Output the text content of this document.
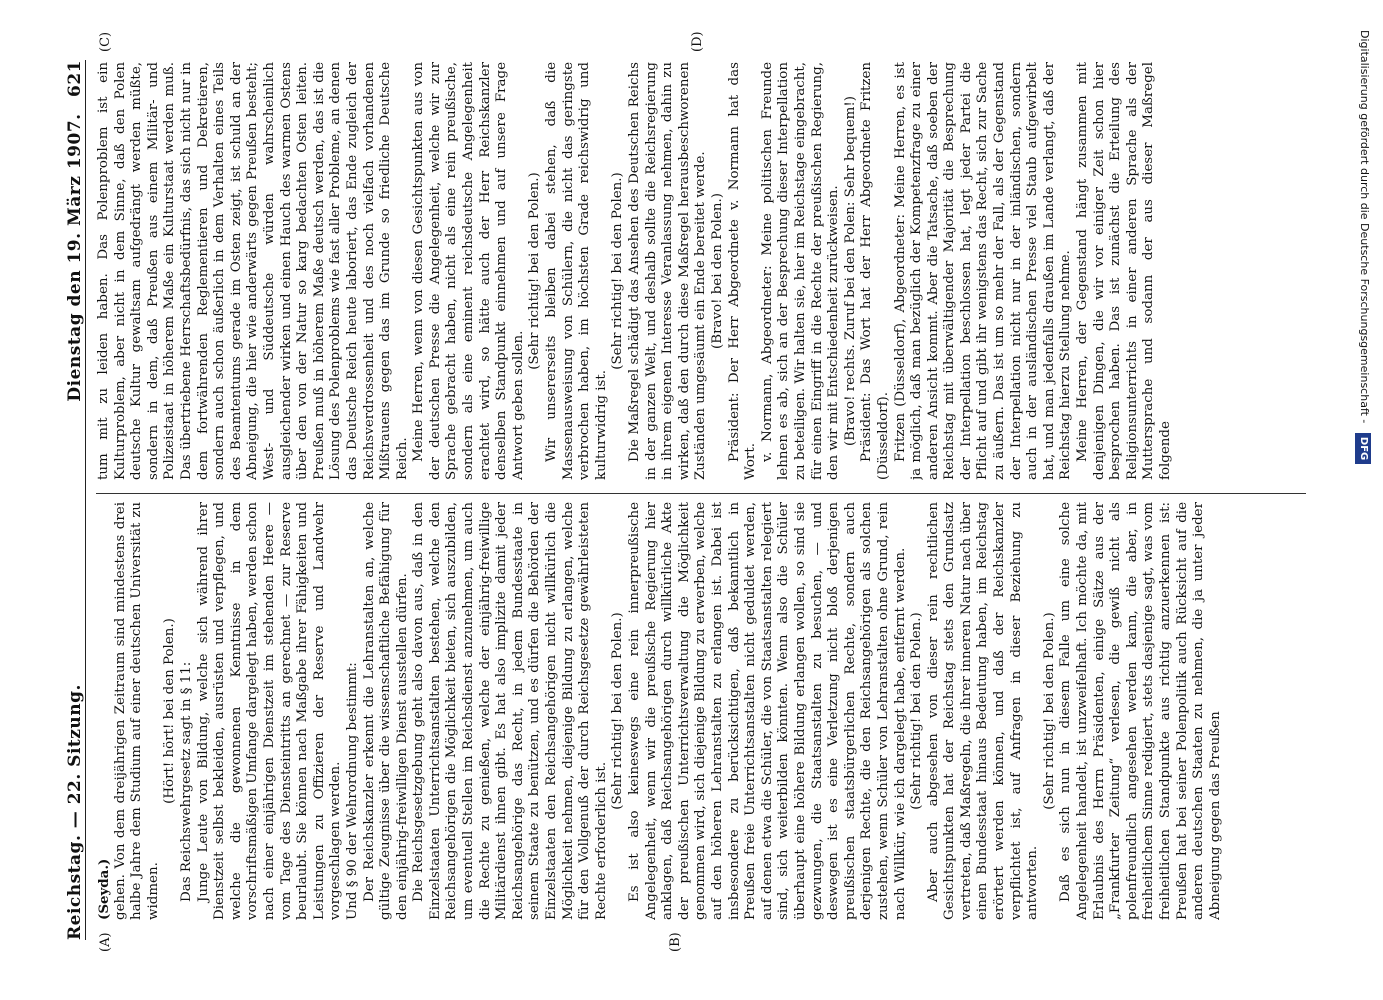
Reichstag. — 22. Sitzung.
Dienstag den 19. März 1907. 621
(A)	(B)
(C)	(D)

(Seyda.) gehen. Von dem dreijährigen Zeitraum sind mindestens drei halbe Jahre dem Studium auf einer deutschen Universität zu widmen.

(Hört! hört! bei den Polen.) Das Reichswehrgesetz sagt in § 11: Junge Leute von Bildung, welche sich während ihrer Dienstzeit selbst bekleiden, ausrüsten und verpflegen, und welche die gewonnenen Kenntnisse in dem vorschriftsmäßigen Umfange dargelegt haben, werden schon nach einer einjährigen Dienstzeit im stehenden Heere — vom Tage des Diensteintritts an gerechnet — zur Reserve beurlaubt. Sie können nach Maßgabe ihrer Fähigkeiten und Leistungen zu Offizieren der Reserve und Landwehr vorgeschlagen werden. Und § 90 der Wehrordnung bestimmt: Der Reichskanzler erkennt die Lehranstalten an, welche gültige Zeugnisse über die wissenschaftliche Befähigung für den einjährig-freiwilligen Dienst ausstellen dürfen. Die Reichsgesetzgebung geht also davon aus, daß in den Einzelstaaten Unterrichtsanstalten bestehen, welche den Reichsangehörigen die Möglichkeit bieten, sich auszubilden, um eventuell Stellen im Reichsdienst anzunehmen, um auch die Rechte zu genießen, welche der einjährig-freiwillige Militärdienst ihnen gibt. Es hat also implizite damit jeder Reichsangehörige das Recht, in jedem Bundesstaate in seinem Staate zu benützen, und es dürfen die Behörden der Einzelstaaten den Reichsangehörigen nicht willkürlich die Möglichkeit nehmen, diejenige Bildung zu erlangen, welche für den Vollgenuß der durch Reichsgesetze gewährleisteten Rechte erforderlich ist.

(Sehr richtig! bei den Polen.) Es ist also keineswegs eine rein innerpreußische Angelegenheit, wenn wir die preußische Regierung hier anklagen, daß Reichsangehörigen durch willkürliche Akte der preußischen Unterrichtsverwaltung die Möglichkeit genommen wird, sich diejenige Bildung zu erwerben, welche auf den höheren Lehranstalten zu erlangen ist. Dabei ist insbesondere zu berücksichtigen, daß bekanntlich in Preußen freie Unterrichtsanstalten nicht geduldet werden, auf denen etwa die Schüler, die von Staatsanstalten relegiert sind, sich weiterbilden könnten. Wenn also die Schüler überhaupt eine höhere Bildung erlangen wollen, so sind sie gezwungen, die Staatsanstalten zu besuchen, — und deswegen ist es eine Verletzung nicht bloß derjenigen preußischen staatsbürgerlichen Rechte, sondern auch derjenigen Rechte, die den Reichsangehörigen als solchen zustehen, wenn Schüler von Lehranstalten ohne Grund, rein nach Willkür, wie ich dargelegt habe, entfernt werden. (Sehr richtig! bei den Polen.) Aber auch abgesehen von dieser rein rechtlichen Gesichtspunkten hat der Reichstag stets den Grundsatz vertreten, daß Maßregeln, die ihrer inneren Natur nach über einen Bundesstaat hinaus Bedeutung haben, im Reichstag erörtert werden können, und daß der Reichskanzler verpflichtet ist, auf Anfragen in dieser Beziehung zu antworten.

(Sehr richtig! bei den Polen.) Daß es sich nun in diesem Falle um eine solche Angelegenheit handelt, ist unzweifelhaft. Ich möchte da, mit Erlaubnis des Herrn Präsidenten, einige Sätze aus der „Frankfurter Zeitung“ verlesen, die gewiß nicht als polenfreundlich angesehen werden kann, die aber, in freiheitlichem Sinne redigiert, stets dasjenige sagt, was vom freiheitlichen Standpunkte aus richtig anzuerkennen ist: Preußen hat bei seiner Polenpolitik auch Rücksicht auf die anderen deutschen Staaten zu nehmen, die ja unter jeder Abneigung gegen das Preußen

tum mit zu leiden haben. Das Polenproblem ist ein Kulturproblem, aber nicht in dem Sinne, daß den Polen deutsche Kultur gewaltsam aufgedrängt werden müßte, sondern in dem, daß Preußen aus einem Militär- und Polizeistaat in höherem Maße ein Kulturstaat werden muß. Das übertriebene Herrschaftsbedürfnis, das sich nicht nur in dem fortwährenden Reglementieren und Dekretieren, sondern auch schon äußerlich in dem Verhalten eines Teils des Beamtentums gerade im Osten zeigt, ist schuld an der Abneigung, die hier wie anderwärts gegen Preußen besteht; West- und Süddeutsche würden wahrscheinlich ausgleichender wirken und einen Hauch des warmen Ostens über den von der Natur so karg bedachten Osten leiten. Preußen muß in höherem Maße deutsch werden, das ist die Lösung des Polenproblems wie fast aller Probleme, an denen das Deutsche Reich heute laboriert, das Ende zugleich der Reichsverdrossenheit und des noch vielfach vorhandenen Mißtrauens gegen das im Grunde so friedliche Deutsche Reich. Meine Herren, wenn von diesen Gesichtspunkten aus von der deutschen Presse die Angelegenheit, welche wir zur Sprache gebracht haben, nicht als eine rein preußische, sondern als eine eminent reichsdeutsche Angelegenheit erachtet wird, so hätte auch der Herr Reichskanzler denselben Standpunkt einnehmen und auf unsere Frage Antwort geben sollen.

(Sehr richtig! bei den Polen.) Wir unsererseits bleiben dabei stehen, daß die Massenausweisung von Schülern, die nicht das geringste verbrochen haben, im höchsten Grade reichswidrig und kulturwidrig ist.

(Sehr richtig! bei den Polen.) Die Maßregel schädigt das Ansehen des Deutschen Reichs in der ganzen Welt, und deshalb sollte die Reichsregierung in ihrem eigenen Interesse Veranlassung nehmen, dahin zu wirken, daß den durch diese Maßregel herausbeschworenen Zuständen umgesäumt ein Ende bereitet werde. (Bravo! bei den Polen.) Präsident: Der Herr Abgeordnete v. Normann hat das Wort. v. Normann, Abgeordneter: Meine politischen Freunde lehnen es ab, sich an der Besprechung dieser Interpellation zu beteiligen. Wir halten sie, hier im Reichstage eingebracht, für einen Eingriff in die Rechte der preußischen Regierung, den wir mit Entschiedenheit zurückweisen. (Bravo! rechts. Zuruf bei den Polen: Sehr bequem!) Präsident: Das Wort hat der Herr Abgeordnete Fritzen (Düsseldorf). Fritzen (Düsseldorf), Abgeordneter: Meine Herren, es ist ja möglich, daß man bezüglich der Kompetenzfrage zu einer anderen Ansicht kommt. Aber die Tatsache, daß soeben der Reichstag mit überwältigender Majorität die Besprechung der Interpellation beschlossen hat, legt jeder Partei die Pflicht auf und gibt ihr wenigstens das Recht, sich zur Sache zu äußern. Das ist um so mehr der Fall, als der Gegenstand der Interpellation nicht nur in der inländischen, sondern auch in der ausländischen Presse viel Staub aufgewirbelt hat, und man jedenfalls draußen im Lande verlangt, daß der Reichstag hierzu Stellung nehme. Meine Herren, der Gegenstand hängt zusammen mit denjenigen Dingen, die wir vor einiger Zeit schon hier besprochen haben. Das ist zunächst die Erteilung des Religionsunterrichts in einer anderen Sprache als der Muttersprache und sodann der aus dieser Maßregel folgende

Digitalisierung gefördert durch die Deutsche Forschungsgemeinschaft - DFG
